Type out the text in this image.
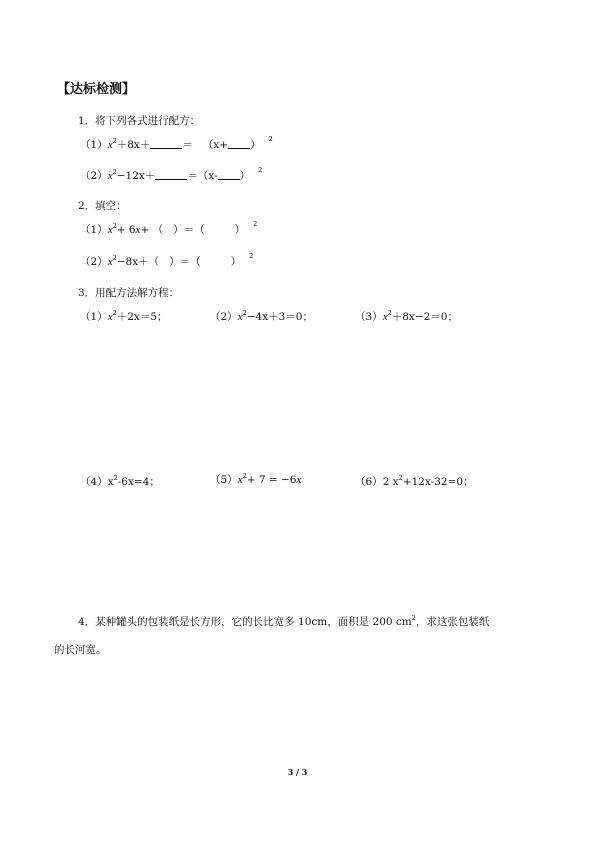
【达标检测】
1．将下列各式进行配方：
$(1)x^2+8x+$	＝ （x+ ） $^2$
$(2)x^2-12x+$	＝（x- ） $^2$
2．填空：
$(1)x^2+ 6x+$ （ ）＝（	） $^2$
$(2)x^2-8x+$（ ）＝（	） $^2$
3．用配方法解方程：
$(1)x^2+2x=5$；	$(2)x^2-4x+3=0$；	$(3)x^2+8x-2=0$；
$(4)x^2-6x=4$；	$(5)x^2+ 7 = -6x$	（6）2 $x^2+12x-32=0$；
4．某种罐头的包装纸是长方形，它的长比宽多 10cm，面积是 200 $cm^2$，求这张包装纸
的长河宽。
3 / 3
